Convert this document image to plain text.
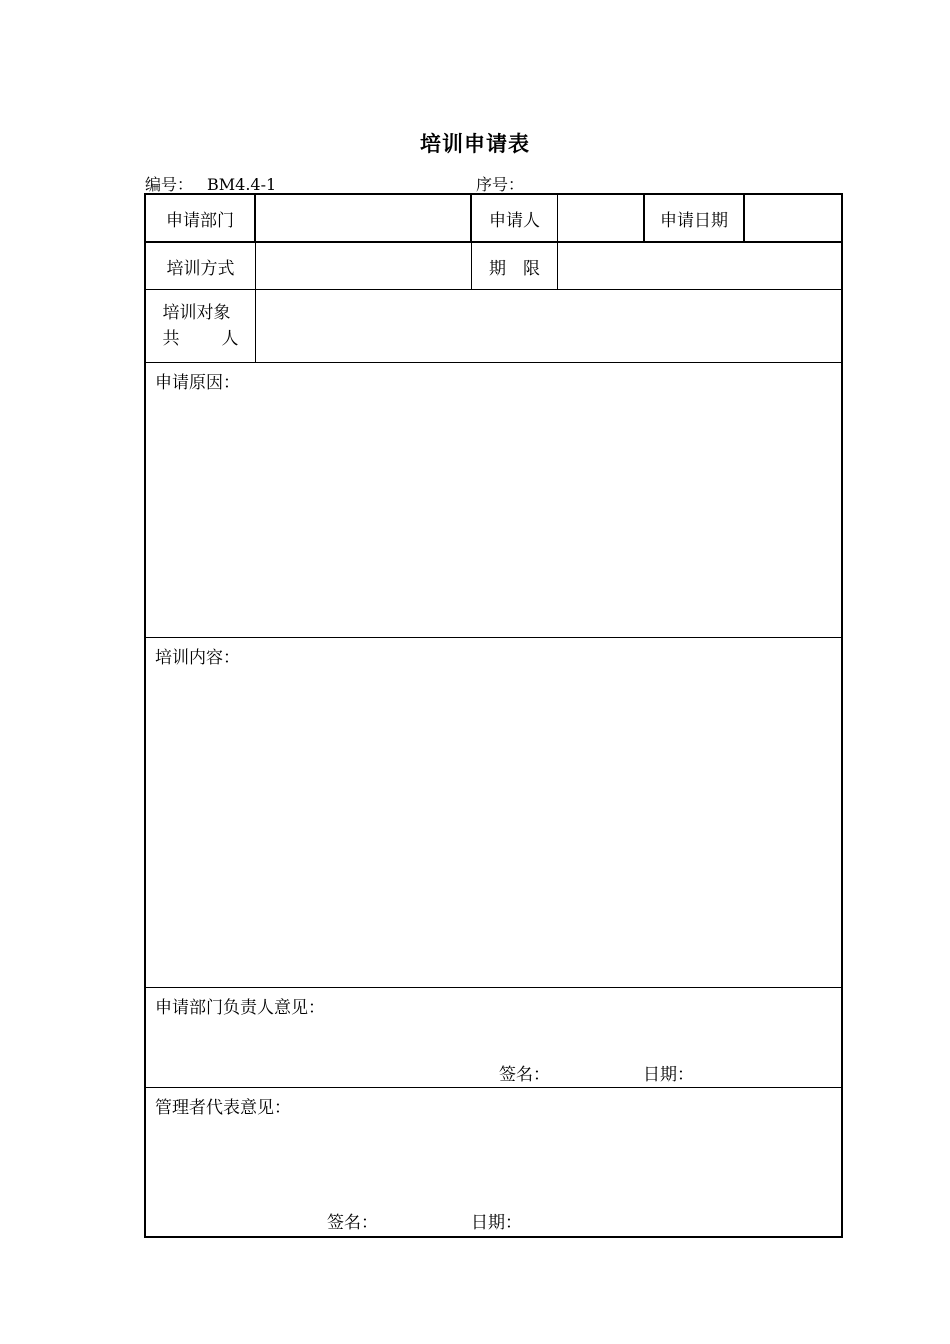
培训申请表
编号： BM4.4-1	序号：
申请部门	申请人	申请日期
培训方式	期　限
培训对象
共 人
申请原因：
培训内容：
申请部门负责人意见：
签名：	日期：
管理者代表意见：
签名：	日期：
